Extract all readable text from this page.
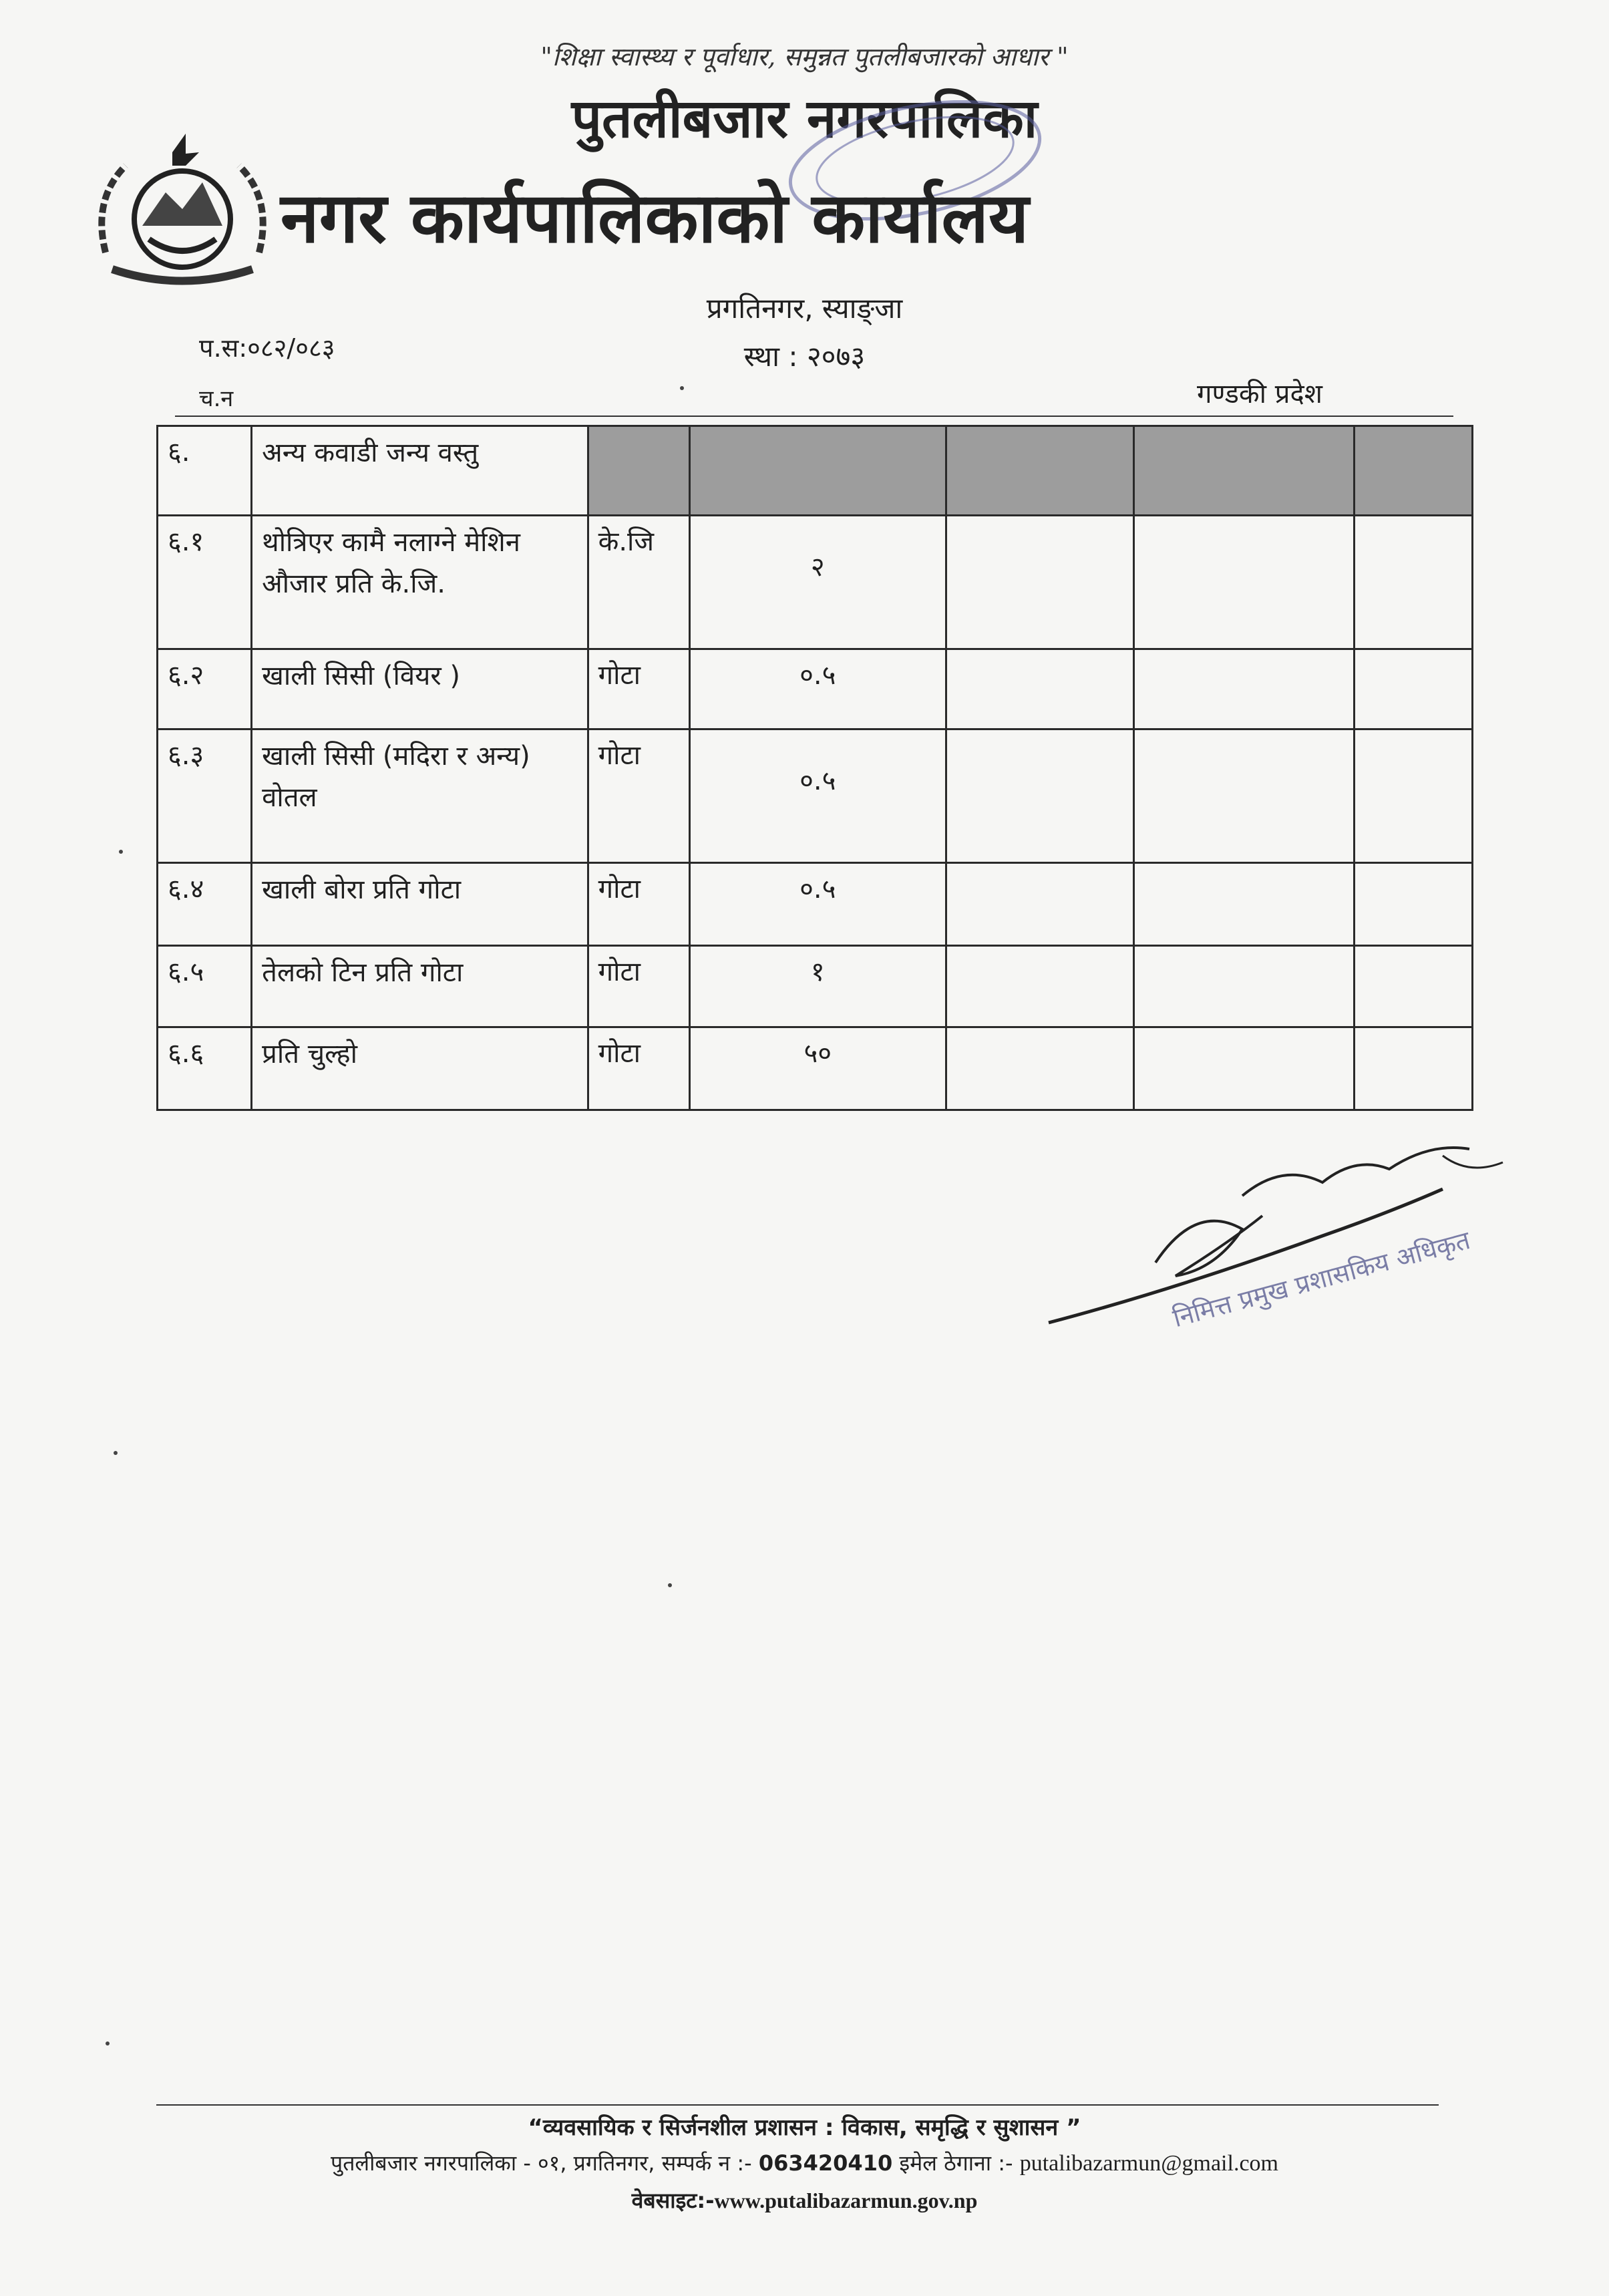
"शिक्षा स्वास्थ्य र पूर्वाधार, समुन्नत पुतलीबजारको आधार "
पुतलीबजार नगरपालिका
नगर कार्यपालिकाको कार्यालय
प्रगतिनगर, स्याङ्जा
स्था : २०७३
प.स:०८२/०८३
च.न	गण्डकी प्रदेश
६.	अन्य कवाडी जन्य वस्तु					
६.१	थोत्रिएर कामै नलाग्ने मेशिन औजार प्रति के.जि.	के.जि	२			
६.२	खाली सिसी (वियर )	गोटा	०.५			
६.३	खाली सिसी (मदिरा र अन्य) वोतल	गोटा	०.५			
६.४	खाली बोरा प्रति गोटा	गोटा	०.५			
६.५	तेलको टिन प्रति गोटा	गोटा	१			
६.६	प्रति चुल्हो	गोटा	५०			
निमित्त प्रमुख प्रशासकिय अधिकृत
“व्यवसायिक र सिर्जनशील प्रशासन : विकास, समृद्धि र सुशासन ”
पुतलीबजार नगरपालिका - ०१, प्रगतिनगर, सम्पर्क न :- 063420410 इमेल ठेगाना :- putalibazarmun@gmail.com
वेबसाइट:-www.putalibazarmun.gov.np
